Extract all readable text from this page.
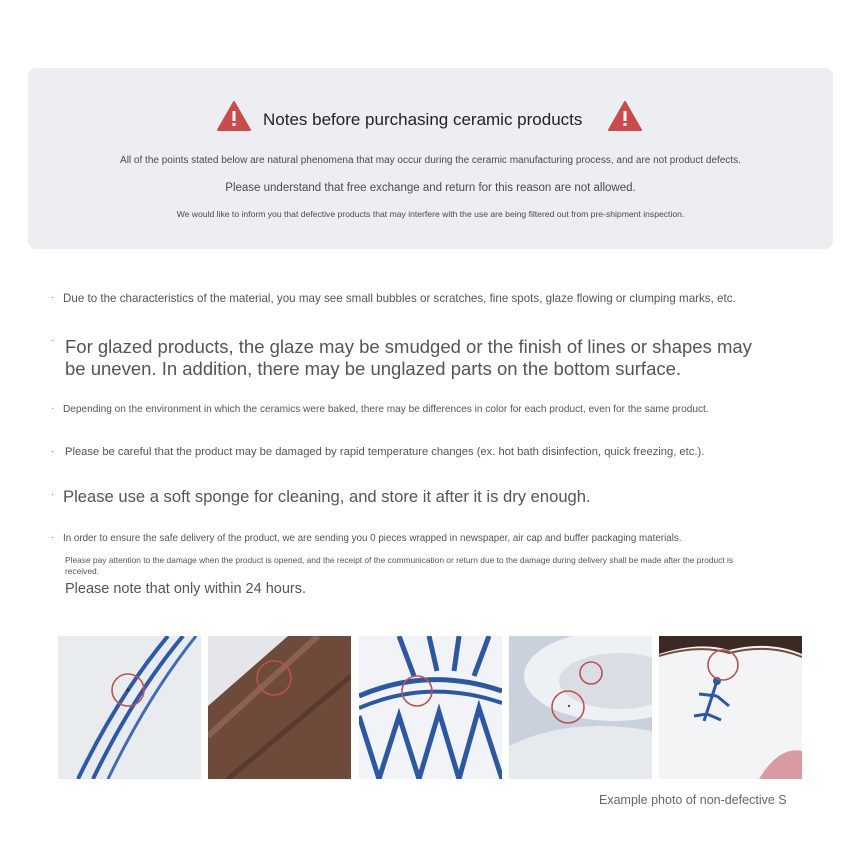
Notes before purchasing ceramic products
All of the points stated below are natural phenomena that may occur during the ceramic manufacturing process, and are not product defects.
Please understand that free exchange and return for this reason are not allowed.
We would like to inform you that defective products that may interfere with the use are being filtered out from pre-shipment inspection.
· Due to the characteristics of the material, you may see small bubbles or scratches, fine spots, glaze flowing or clumping marks, etc.
· For glazed products, the glaze may be smudged or the finish of lines or shapes may be uneven. In addition, there may be unglazed parts on the bottom surface.
· Depending on the environment in which the ceramics were baked, there may be differences in color for each product, even for the same product.
· Please be careful that the product may be damaged by rapid temperature changes (ex. hot bath disinfection, quick freezing, etc.).
· Please use a soft sponge for cleaning, and store it after it is dry enough.
· In order to ensure the safe delivery of the product, we are sending you 0 pieces wrapped in newspaper, air cap and buffer packaging materials.
Please pay attention to the damage when the product is opened, and the receipt of the communication or return due to the damage during delivery shall be made after the product is received.
Please note that only within 24 hours.
Example photo of non-defective S
